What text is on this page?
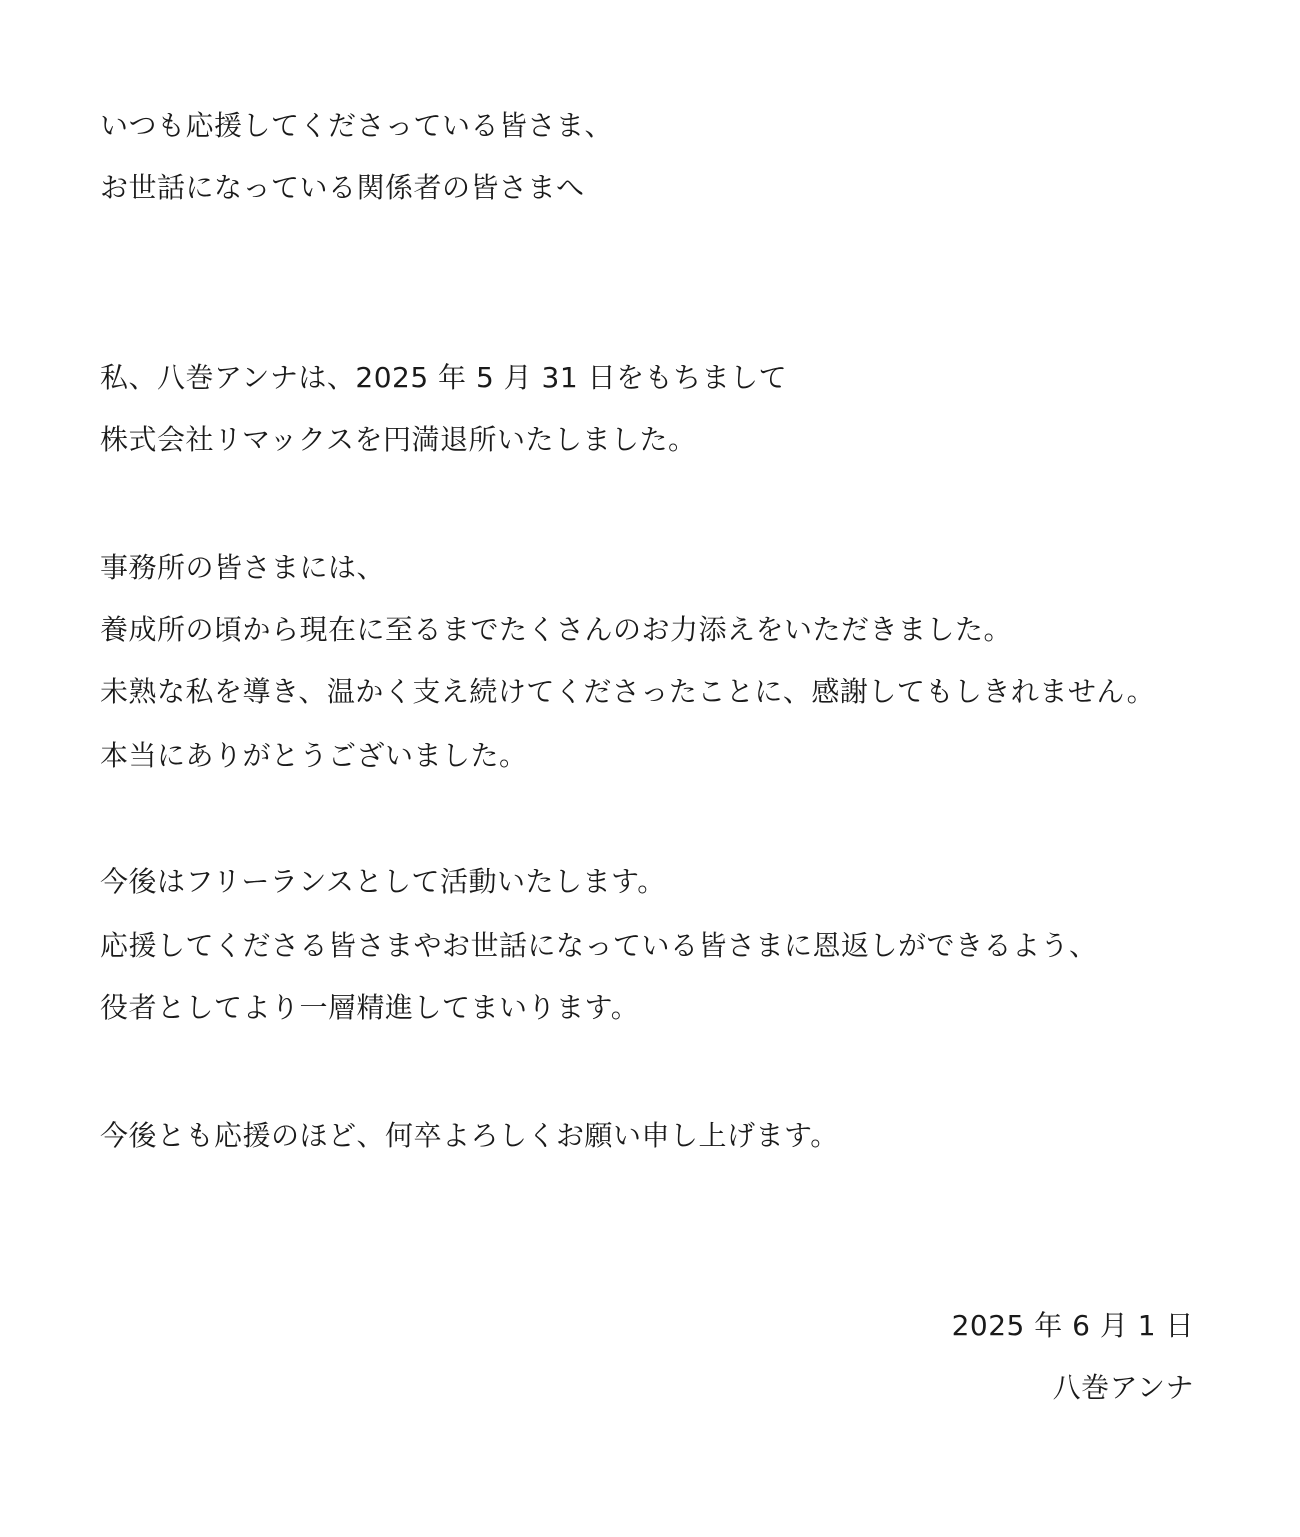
いつも応援してくださっている皆さま、
お世話になっている関係者の皆さまへ
私、八巻アンナは、2025 年 5 月 31 日をもちまして
株式会社リマックスを円満退所いたしました。
事務所の皆さまには、
養成所の頃から現在に至るまでたくさんのお力添えをいただきました。
未熟な私を導き、温かく支え続けてくださったことに、感謝してもしきれません。
本当にありがとうございました。
今後はフリーランスとして活動いたします。
応援してくださる皆さまやお世話になっている皆さまに恩返しができるよう、
役者としてより一層精進してまいります。
今後とも応援のほど、何卒よろしくお願い申し上げます。
2025 年 6 月 1 日
八巻アンナ
